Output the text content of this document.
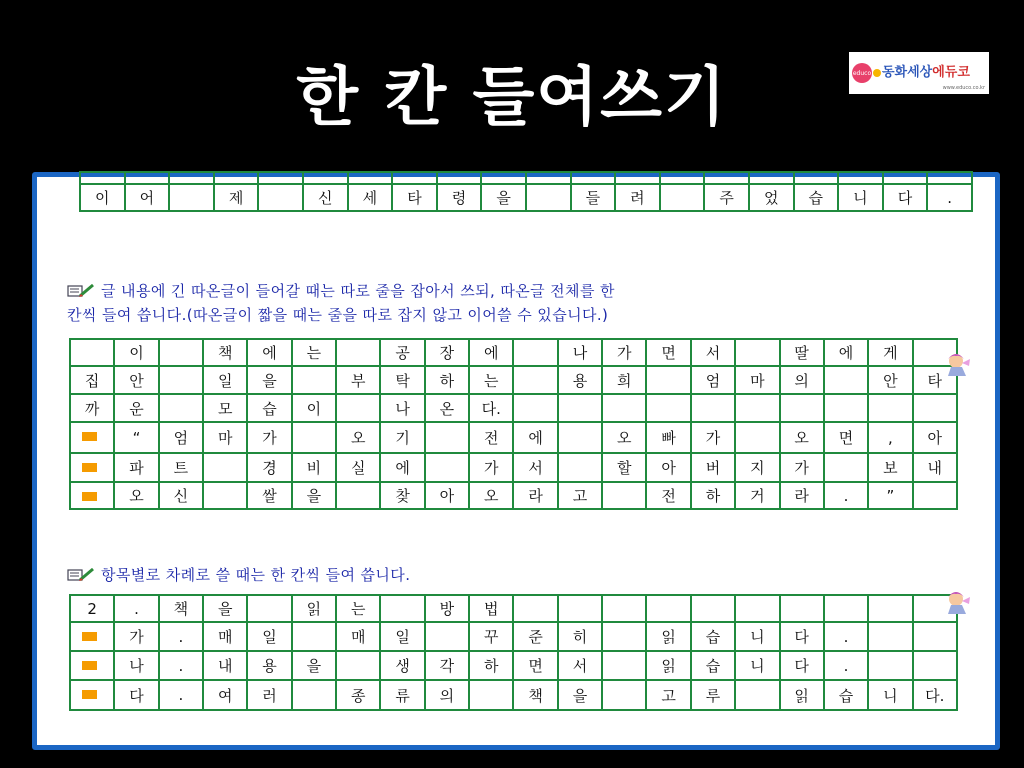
한 칸 들여쓰기	educo 동화세상에듀코
www.educo.co.kr

이	어		제		신	세	타	령	을		들	려		주	었	습	니	다	.
글 내용에 긴 따온글이 들어갈 때는 따로 줄을 잡아서 쓰되, 따온글 전체를 한
칸씩 들여 씁니다.(따온글이 짧을 때는 줄을 따로 잡지 않고 이어쓸 수 있습니다.)
	이		책	에	는		공	장	에		나	가	면	서		딸	에	게	
집	안		일	을		부	탁	하	는		용	희		엄	마	의		안	타
까	운		모	습	이		나	온	다.										
	“	엄	마	가		오	기		전	에		오	빠	가		오	면	,	아
	파	트		경	비	실	에		가	서		할	아	버	지	가		보	내
	오	신		쌀	을		찾	아	오	라	고		전	하	거	라	.	”	
항목별로 차례로 쓸 때는 한 칸씩 들여 씁니다.
2	.	책	을		읽	는		방	법										
	가	.	매	일		매	일		꾸	준	히		읽	습	니	다	.		
	나	.	내	용	을		생	각	하	면	서		읽	습	니	다	.		
	다	.	여	러		종	류	의		책	을		고	루		읽	습	니	다.
